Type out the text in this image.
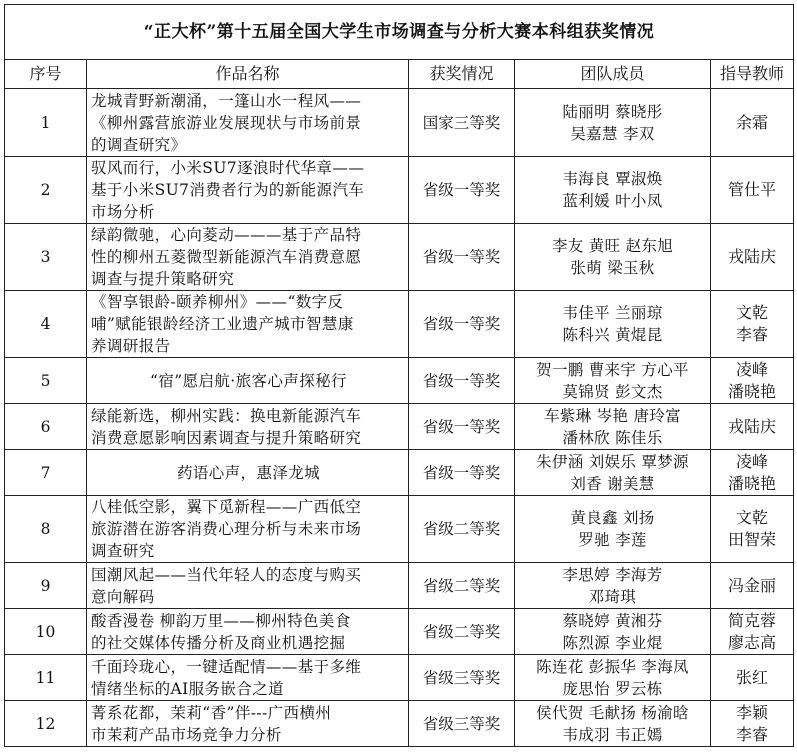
“正大杯”第十五届全国大学生市场调查与分析大赛本科组获奖情况				
序号	作品名称	获奖情况	团队成员	指导教师
1	龙城青野新潮涌，一篷山水一程风——
《柳州露营旅游业发展现状与市场前景
的调查研究》	国家三等奖	陆丽明 蔡晓彤
吴嘉慧 李双	余霜

2	驭风而行，小米SU7逐浪时代华章——
基于小米SU7消费者行为的新能源汽车
市场分析	省级一等奖	韦海良 覃淑焕
蓝利媛 叶小凤	管仕平

3	绿韵微驰，心向菱动———基于产品特
性的柳州五菱微型新能源汽车消费意愿
调查与提升策略研究	省级一等奖	李友 黄旺 赵东旭
张萌 梁玉秋	戎陆庆

4	《智享银龄-颐养柳州》——“数字反
哺”赋能银龄经济工业遗产城市智慧康
养调研报告	省级一等奖	韦佳平 兰丽琼
陈科兴 黄焜昆	文乾
李睿

5	“宿”愿启航·旅客心声探秘行	省级一等奖	贺一鹏 曹来宇 方心平
莫锦贤 彭文杰	凌峰
潘晓艳

6	绿能新选，柳州实践：换电新能源汽车
消费意愿影响因素调查与提升策略研究	省级一等奖	车紫琳 岑艳 唐玲富
潘林欣 陈佳乐	戎陆庆

7	药语心声，惠泽龙城	省级一等奖	朱伊涵 刘娱乐 覃梦源
刘香 谢美慧	凌峰
潘晓艳

8	八桂低空影，翼下觅新程——广西低空
旅游潜在游客消费心理分析与未来市场
调查研究	省级二等奖	黄良鑫 刘扬
罗驰 李莲	文乾
田智荣

9	国潮风起——当代年轻人的态度与购买
意向解码	省级二等奖	李思婷 李海芳
邓琦琪	冯金丽

10	酸香漫卷 柳韵万里——柳州特色美食
的社交媒体传播分析及商业机遇挖掘	省级二等奖	蔡晓婷 黄湘芬
陈烈源 李业焜	简克蓉
廖志高

11	千面玲珑心，一键适配情——基于多维
情绪坐标的AI服务嵌合之道	省级三等奖	陈连花 彭振华 李海凤
庞思怡 罗云栋	张红

12	菁系花都，茉莉“香”伴---广西横州
市茉莉产品市场竞争力分析	省级三等奖	侯代贺 毛献扬 杨渝晗
韦成羽 韦正嫣	李颖
李睿
